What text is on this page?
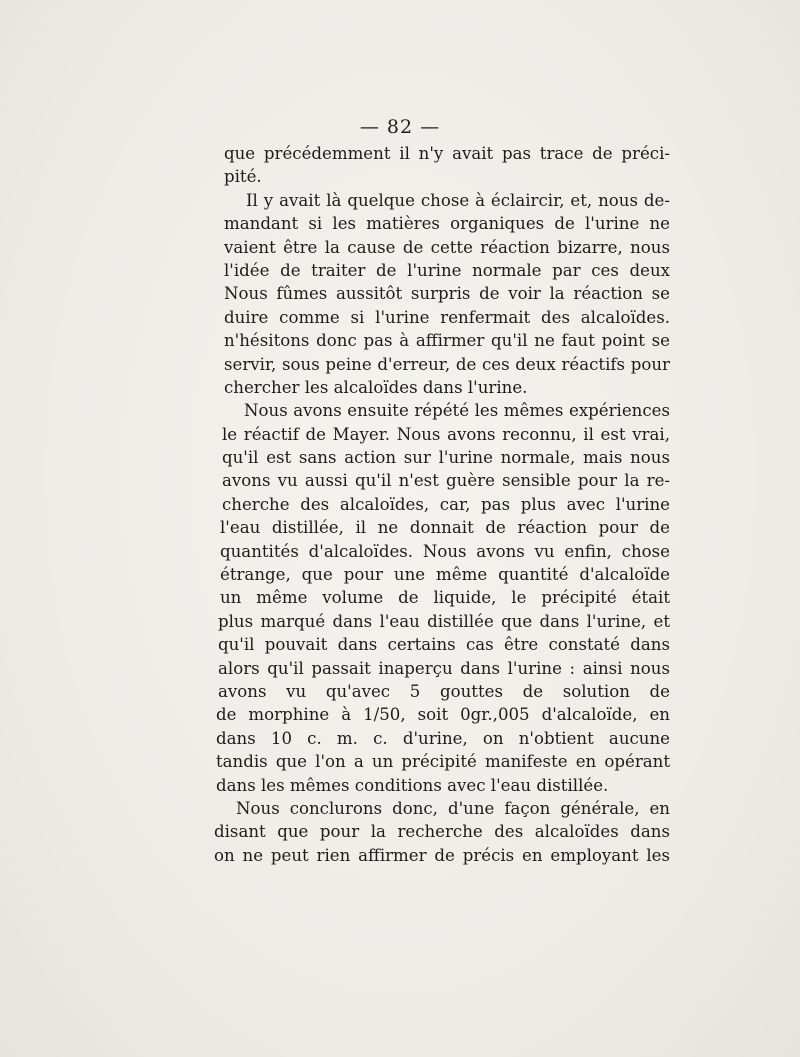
— 82 —
que précédemment il n'y avait pas trace de préci-
pité.
Il y avait là quelque chose à éclaircir, et, nous de-
mandant si les matières organiques de l'urine ne
vaient être la cause de cette réaction bizarre, nous
l'idée de traiter de l'urine normale par ces deux
Nous fûmes aussitôt surpris de voir la réaction se
duire comme si l'urine renfermait des alcaloïdes.
n'hésitons donc pas à affirmer qu'il ne faut point se
servir, sous peine d'erreur, de ces deux réactifs pour
chercher les alcaloïdes dans l'urine.
Nous avons ensuite répété les mêmes expériences
le réactif de Mayer. Nous avons reconnu, il est vrai,
qu'il est sans action sur l'urine normale, mais nous
avons vu aussi qu'il n'est guère sensible pour la re-
cherche des alcaloïdes, car, pas plus avec l'urine
l'eau distillée, il ne donnait de réaction pour de
quantités d'alcaloïdes. Nous avons vu enfin, chose
étrange, que pour une même quantité d'alcaloïde
un même volume de liquide, le précipité était
plus marqué dans l'eau distillée que dans l'urine, et
qu'il pouvait dans certains cas être constaté dans
alors qu'il passait inaperçu dans l'urine : ainsi nous
avons vu qu'avec 5 gouttes de solution de
de morphine à 1/50, soit 0gr.,005 d'alcaloïde, en
dans 10 c. m. c. d'urine, on n'obtient aucune
tandis que l'on a un précipité manifeste en opérant
dans les mêmes conditions avec l'eau distillée.
Nous conclurons donc, d'une façon générale, en
disant que pour la recherche des alcaloïdes dans
on ne peut rien affirmer de précis en employant les
